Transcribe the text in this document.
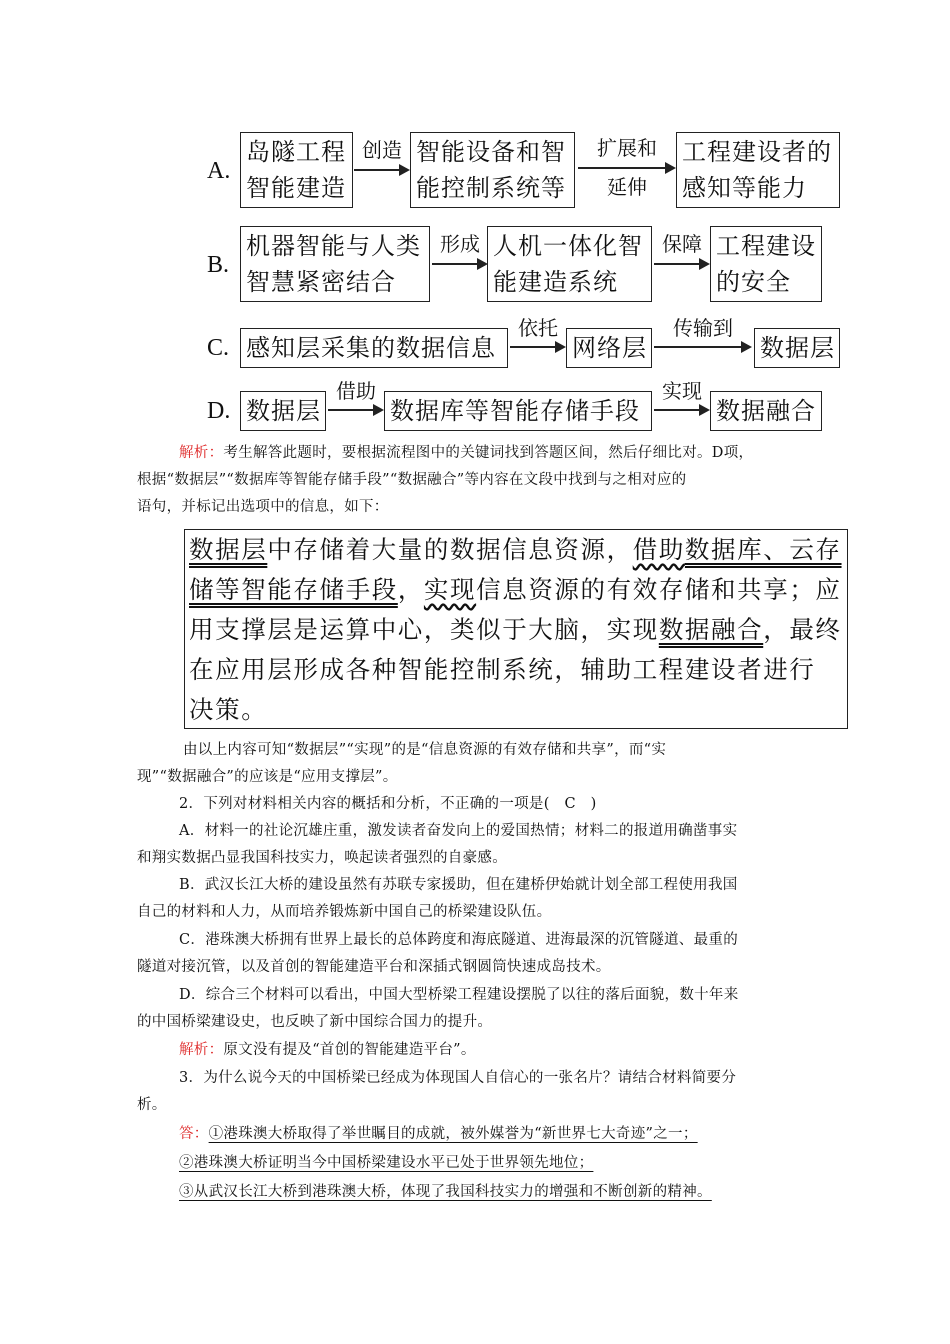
A.
岛隧工程
智能建造
创造 智能设备和智
能控制系统等
扩展和
延伸
工程建设者的
感知等能力
B.
机器智能与人类
智慧紧密结合
形成 人机一体化智
能建造系统
保障 工程建设
的安全
C. 感知层采集的数据信息
依托
网络层
传输到
数据层
D. 数据层
借助
数据库等智能存储手段
实现
数据融合
解析：考生解答此题时，要根据流程图中的关键词找到答题区间，然后仔细比对。D项，
根据“数据层”“数据库等智能存储手段”“数据融合”等内容在文段中找到与之相对应的
语句，并标记出选项中的信息，如下：
数据层中存储着大量的数据信息资源，借助数据库、云存
储等智能存储手段，实现信息资源的有效存储和共享；应
用支撑层是运算中心，类似于大脑，实现数据融合，最终
在应用层形成各种智能控制系统，辅助工程建设者进行
决策。
由以上内容可知“数据层”“实现”的是“信息资源的有效存储和共享”，而“实
现”“数据融合”的应该是“应用支撑层”。
2．下列对材料相关内容的概括和分析，不正确的一项是(　C　)
A．材料一的社论沉雄庄重，激发读者奋发向上的爱国热情；材料二的报道用确凿事实
和翔实数据凸显我国科技实力，唤起读者强烈的自豪感。
B．武汉长江大桥的建设虽然有苏联专家援助，但在建桥伊始就计划全部工程使用我国
自己的材料和人力，从而培养锻炼新中国自己的桥梁建设队伍。
C．港珠澳大桥拥有世界上最长的总体跨度和海底隧道、进海最深的沉管隧道、最重的
隧道对接沉管，以及首创的智能建造平台和深插式钢圆筒快速成岛技术。
D．综合三个材料可以看出，中国大型桥梁工程建设摆脱了以往的落后面貌，数十年来
的中国桥梁建设史，也反映了新中国综合国力的提升。
解析：原文没有提及“首创的智能建造平台”。
3．为什么说今天的中国桥梁已经成为体现国人自信心的一张名片？请结合材料简要分
析。
答：①港珠澳大桥取得了举世瞩目的成就，被外媒誉为“新世界七大奇迹”之一；
②港珠澳大桥证明当今中国桥梁建设水平已处于世界领先地位；
③从武汉长江大桥到港珠澳大桥，体现了我国科技实力的增强和不断创新的精神。
